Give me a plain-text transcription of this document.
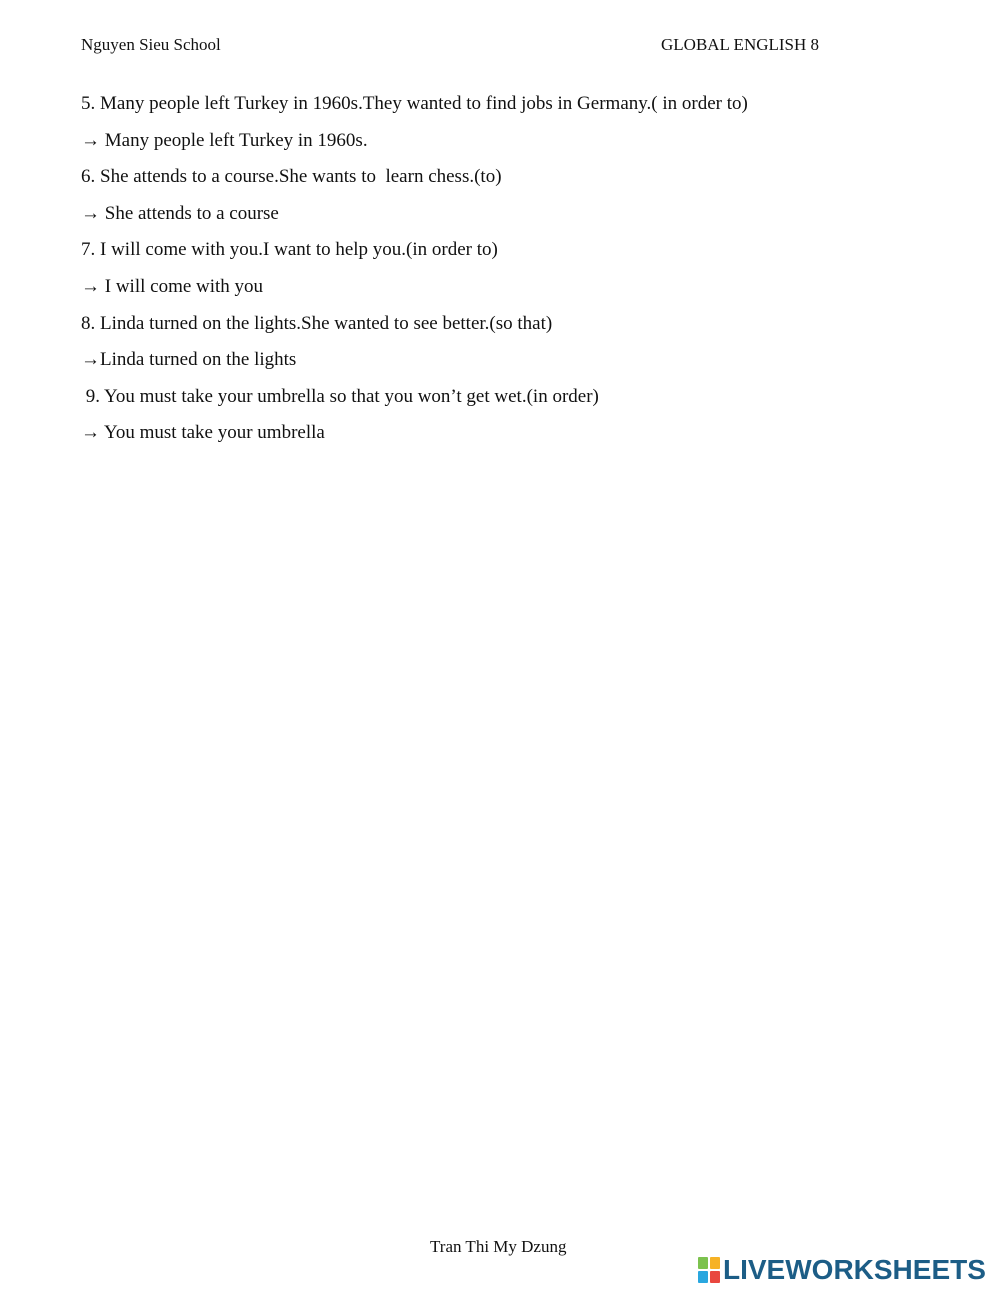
Nguyen Sieu School	GLOBAL ENGLISH 8
5. Many people left Turkey in 1960s.They wanted to find jobs in Germany.( in order to)
→ Many people left Turkey in 1960s.
6. She attends to a course.She wants to  learn chess.(to)
→ She attends to a course
7. I will come with you.I want to help you.(in order to)
→ I will come with you
8. Linda turned on the lights.She wanted to see better.(so that)
→Linda turned on the lights
9. You must take your umbrella so that you won’t get wet.(in order)
→ You must take your umbrella
Tran Thi My Dzung
LIVEWORKSHEETS
